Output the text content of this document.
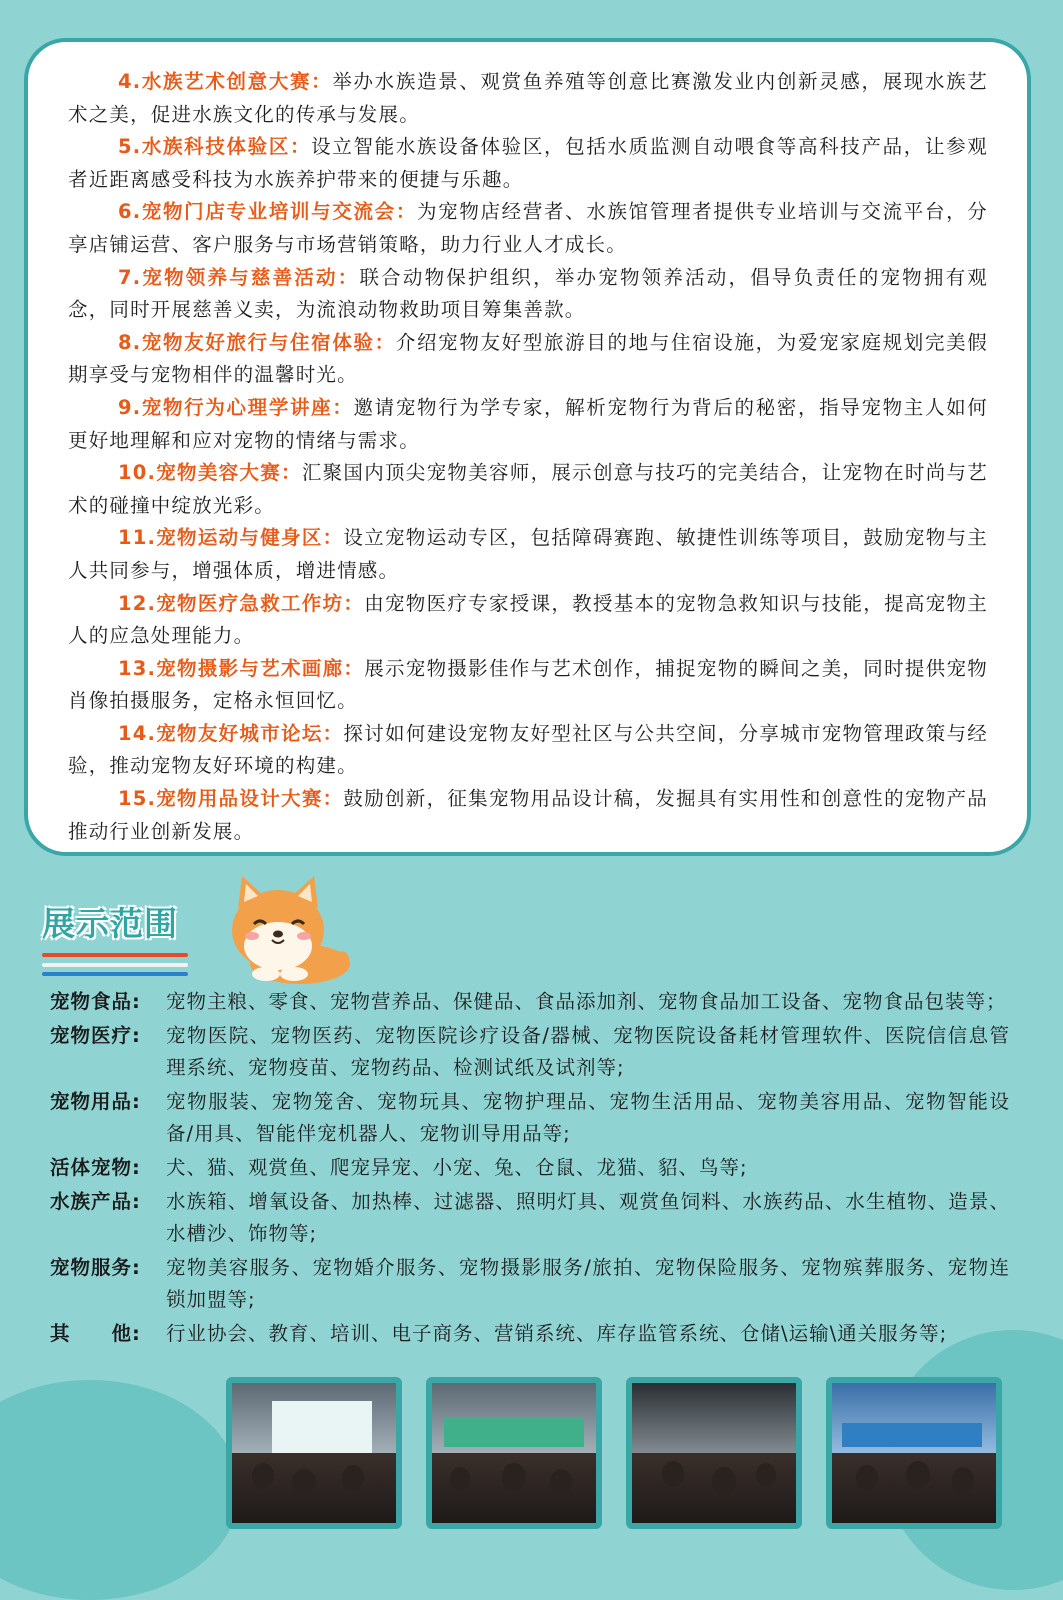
4.水族艺术创意大赛：举办水族造景、观赏鱼养殖等创意比赛激发业内创新灵感，展现水族艺术之美，促进水族文化的传承与发展。
5.水族科技体验区：设立智能水族设备体验区，包括水质监测自动喂食等高科技产品，让参观者近距离感受科技为水族养护带来的便捷与乐趣。
6.宠物门店专业培训与交流会：为宠物店经营者、水族馆管理者提供专业培训与交流平台，分享店铺运营、客户服务与市场营销策略，助力行业人才成长。
7.宠物领养与慈善活动：联合动物保护组织，举办宠物领养活动，倡导负责任的宠物拥有观念，同时开展慈善义卖，为流浪动物救助项目筹集善款。
8.宠物友好旅行与住宿体验：介绍宠物友好型旅游目的地与住宿设施，为爱宠家庭规划完美假期享受与宠物相伴的温馨时光。
9.宠物行为心理学讲座：邀请宠物行为学专家，解析宠物行为背后的秘密，指导宠物主人如何更好地理解和应对宠物的情绪与需求。
10.宠物美容大赛：汇聚国内顶尖宠物美容师，展示创意与技巧的完美结合，让宠物在时尚与艺术的碰撞中绽放光彩。
11.宠物运动与健身区：设立宠物运动专区，包括障碍赛跑、敏捷性训练等项目，鼓励宠物与主人共同参与，增强体质，增进情感。
12.宠物医疗急救工作坊：由宠物医疗专家授课，教授基本的宠物急救知识与技能，提高宠物主人的应急处理能力。
13.宠物摄影与艺术画廊：展示宠物摄影佳作与艺术创作，捕捉宠物的瞬间之美，同时提供宠物肖像拍摄服务，定格永恒回忆。
14.宠物友好城市论坛：探讨如何建设宠物友好型社区与公共空间，分享城市宠物管理政策与经验，推动宠物友好环境的构建。
15.宠物用品设计大赛：鼓励创新，征集宠物用品设计稿，发掘具有实用性和创意性的宠物产品推动行业创新发展。
展示范围
宠物食品:	宠物主粮、零食、宠物营养品、保健品、食品添加剂、宠物食品加工设备、宠物食品包装等；
宠物医疗:	宠物医院、宠物医药、宠物医院诊疗设备/器械、宠物医院设备耗材管理软件、医院信信息管理系统、宠物疫苗、宠物药品、检测试纸及试剂等;
宠物用品:	宠物服装、宠物笼舍、宠物玩具、宠物护理品、宠物生活用品、宠物美容用品、宠物智能设备/用具、智能伴宠机器人、宠物训导用品等;
活体宠物:	犬、猫、观赏鱼、爬宠异宠、小宠、兔、仓鼠、龙猫、貂、鸟等;
水族产品:	水族箱、增氧设备、加热棒、过滤器、照明灯具、观赏鱼饲料、水族药品、水生植物、造景、水槽沙、饰物等;
宠物服务:	宠物美容服务、宠物婚介服务、宠物摄影服务/旅拍、宠物保险服务、宠物殡葬服务、宠物连锁加盟等;
其　　他:	行业协会、教育、培训、电子商务、营销系统、库存监管系统、仓储\运输\通关服务等;
